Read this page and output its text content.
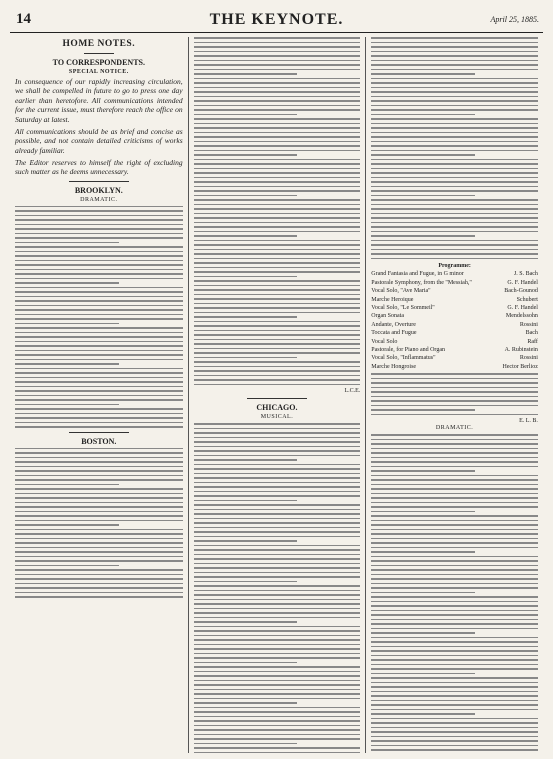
14	THE KEYNOTE.	April 25, 1885.
HOME NOTES.
TO CORRESPONDENTS.
SPECIAL NOTICE.

In consequence of our rapidly increasing circulation, we shall be compelled in future to go to press one day earlier than heretofore. All communications intended for the current issue, must therefore reach the office on Saturday at latest.

All communications should be as brief and concise as possible, and not contain detailed criticisms of works already familiar.

The Editor reserves to himself the right of excluding such matter as he deems unnecessary.

BROOKLYN.
DRAMATIC.
BOSTON.
L.C.E.
CHICAGO.
MUSICAL.
Programme:
Grand Fantasia and Fugue, in G minor	J. S. Bach
Pastorale Symphony, from the "Messiah,"	G. F. Handel
Vocal Solo, "Ave Maria"	Bach-Gounod
Marche Heroique	Schubert
Vocal Solo, "Le Sommeil"	G. F. Handel
Organ Sonata	Mendelssohn
Andante, Overture	Rossini
Toccata and Fugue	Bach
Vocal Solo	Raff
Pastorale, for Piano and Organ	A. Rubinstein
Vocal Solo, "Inflammatus"	Rossini
Marche Hongroise	Hector Berlioz
E. L. B.
DRAMATIC.
